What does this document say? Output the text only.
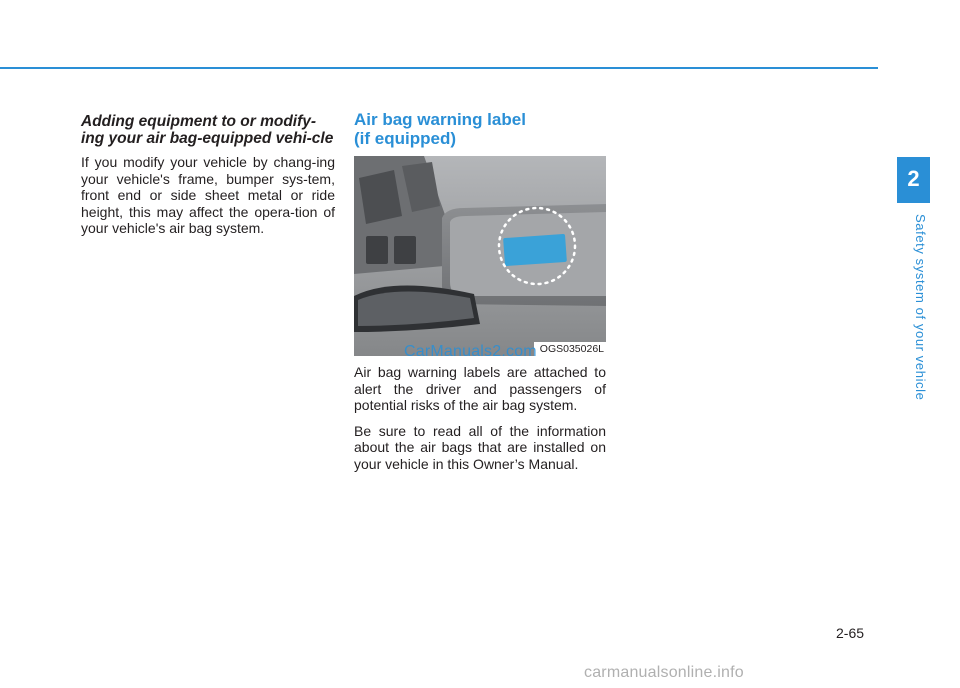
Adding equipment to or modify-ing your air bag-equipped vehi-cle

If you modify your vehicle by chang-ing your vehicle's frame, bumper sys-tem, front end or side sheet metal or ride height, this may affect the opera-tion of your vehicle's air bag system.

Air bag warning label
(if equipped)
OGS035026L

Air bag warning labels are attached to alert the driver and passengers of potential risks of the air bag system.

Be sure to read all of the information about the air bags that are installed on your vehicle in this Owner’s Manual.

CarManuals2.com
2
Safety system of your vehicle
2-65
carmanualsonline.info
